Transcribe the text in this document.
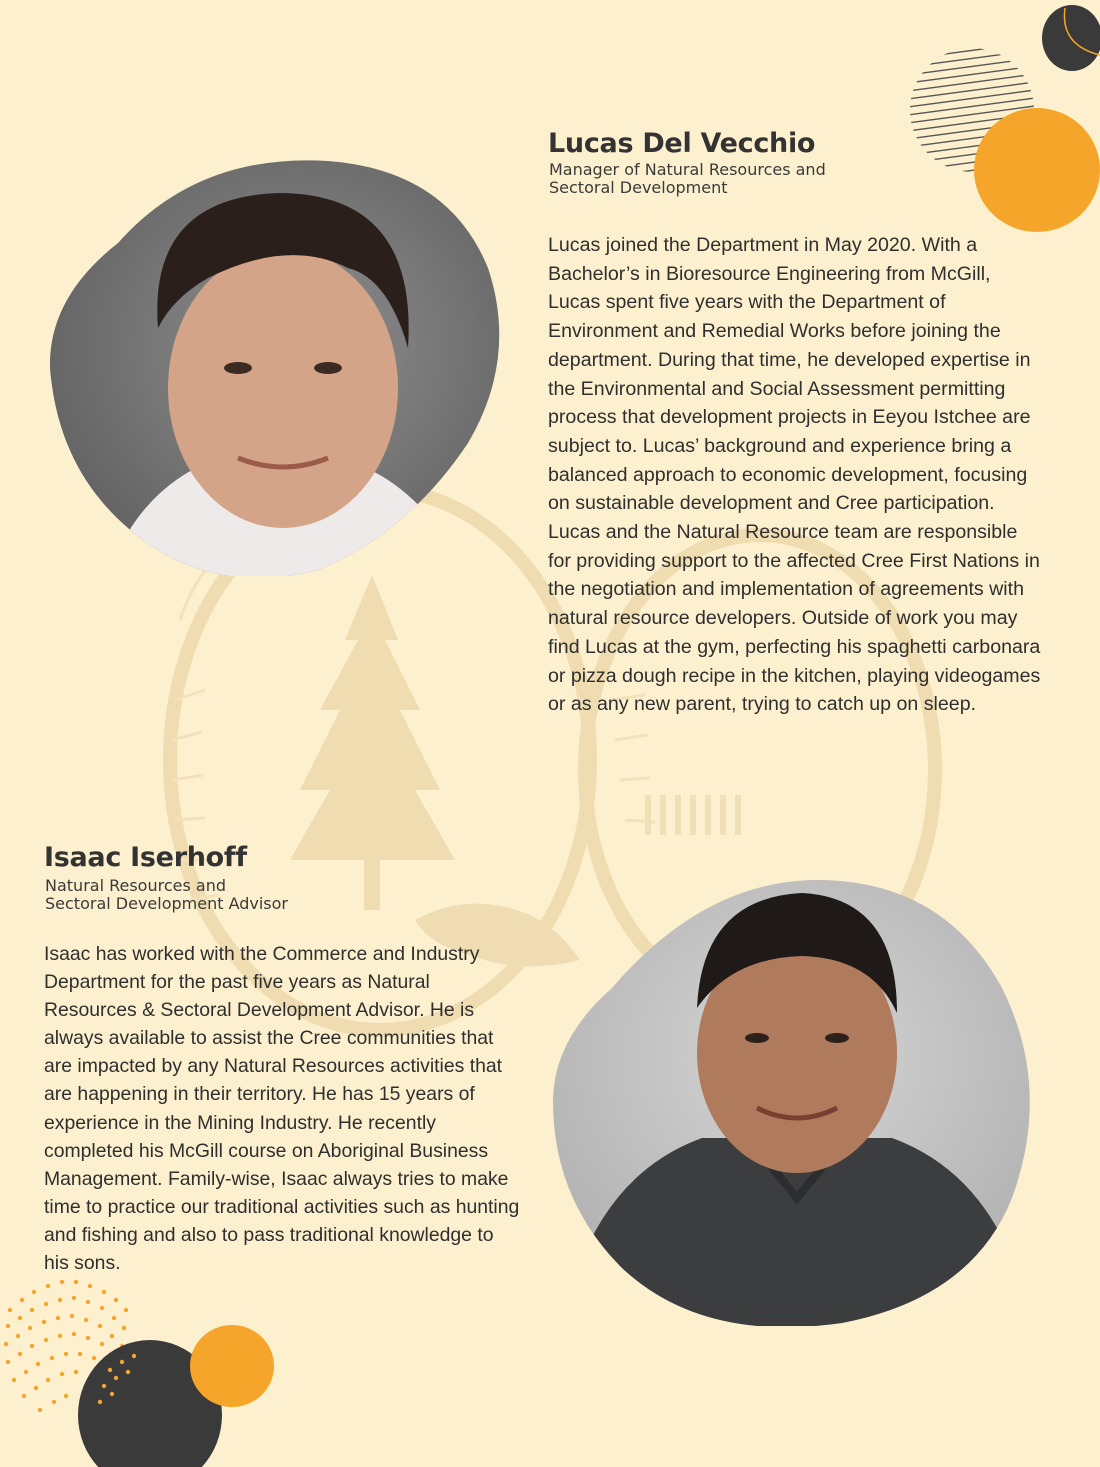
Lucas Del Vecchio
Manager of Natural Resources and
Sectoral Development

Lucas joined the Department in May 2020. With a Bachelor’s in Bioresource Engineering from McGill, Lucas spent five years with the Department of Environment and Remedial Works before joining the department. During that time, he developed expertise in the Environmental and Social Assessment permitting process that development projects in Eeyou Istchee are subject to. Lucas’ background and experience bring a balanced approach to economic development, focusing on sustainable development and Cree participation. Lucas and the Natural Resource team are responsible for providing support to the affected Cree First Nations in the negotiation and implementation of agreements with natural resource developers. Outside of work you may find Lucas at the gym, perfecting his spaghetti carbonara or pizza dough recipe in the kitchen, playing videogames or as any new parent, trying to catch up on sleep.

Isaac Iserhoff
Natural Resources and
Sectoral Development Advisor

Isaac has worked with the Commerce and Industry Department for the past five years as Natural Resources & Sectoral Development Advisor. He is always available to assist the Cree communities that are impacted by any Natural Resources activities that are happening in their territory. He has 15 years of experience in the Mining Industry. He recently completed his McGill course on Aboriginal Business Management. Family-wise, Isaac always tries to make time to practice our traditional activities such as hunting and fishing and also to pass traditional knowledge to his sons.
